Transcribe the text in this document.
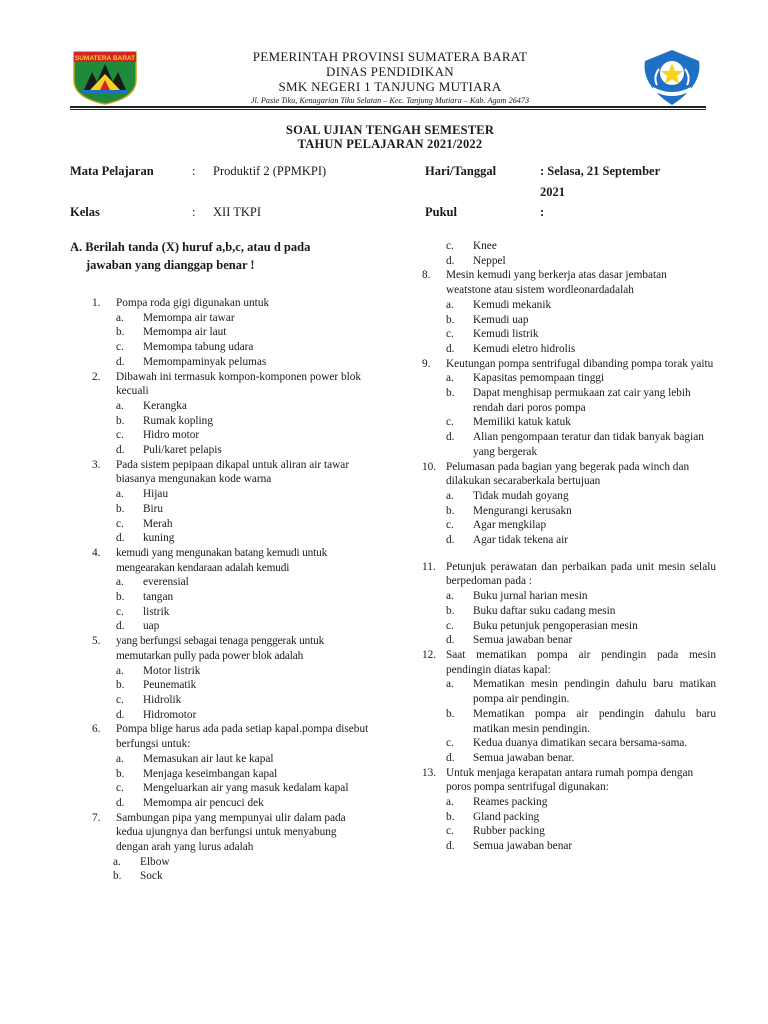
SUMATERA BARAT	PEMERINTAH PROVINSI SUMATERA BARAT
DINAS PENDIDIKAN
SMK NEGERI 1 TANJUNG MUTIARA
Jl. Pasie Tiku, Kenagarian Tiku Selatan – Kec. Tanjung Mutiara – Kab. Agam 26473
SOAL UJIAN TENGAH SEMESTER
TAHUN PELAJARAN 2021/2022
Mata Pelajaran	: Produktif 2 (PPMKPI)	Hari/Tanggal	: Selasa, 21 September
2021
Kelas	: XII TKPI	Pukul	:
A. Berilah tanda (X) huruf a,b,c, atau d pada
jawaban yang dianggap benar !
1. Pompa roda gigi digunakan untuk
a. Memompa air tawar
b. Memompa air laut
c. Memompa tabung udara
d. Memompaminyak pelumas
2. Dibawah ini termasuk kompon-komponen power blok kecuali
a. Kerangka
b. Rumak kopling
c. Hidro motor
d. Puli/karet pelapis
3. Pada sistem pepipaan dikapal untuk aliran air tawar biasanya mengunakan kode warna
a. Hijau
b. Biru
c. Merah
d. kuning
4. kemudi yang mengunakan batang kemudi untuk mengearakan kendaraan adalah kemudi
a. everensial
b. tangan
c. listrik
d. uap
5. yang berfungsi sebagai tenaga penggerak untuk memutarkan pully pada power blok adalah
a. Motor listrik
b. Peunematik
c. Hidrolik
d. Hidromotor
6. Pompa blige harus ada pada setiap kapal.pompa disebut berfungsi untuk:
a. Memasukan air laut ke kapal
b. Menjaga keseimbangan kapal
c. Mengeluarkan air yang masuk kedalam kapal
d. Memompa air pencuci dek
7. Sambungan pipa yang mempunyai ulir dalam pada kedua ujungnya dan berfungsi untuk menyabung dengan arah yang lurus adalah
a. Elbow
b. Sock
c. Knee
d. Neppel
8. Mesin kemudi yang berkerja atas dasar jembatan weatstone atau sistem wordleonardadalah
a. Kemudi mekanik
b. Kemudi uap
c. Kemudi listrik
d. Kemudi eletro hidrolis
9. Keutungan pompa sentrifugal dibanding pompa torak yaitu
a. Kapasitas pemompaan tinggi
b. Dapat menghisap permukaan zat cair yang lebih rendah dari poros pompa
c. Memiliki katuk katuk
d. Alian pengompaan teratur dan tidak banyak bagian yang bergerak
10. Pelumasan pada bagian yang begerak pada winch dan dilakukan secaraberkala bertujuan
a. Tidak mudah goyang
b. Mengurangi kerusakn
c. Agar mengkilap
d. Agar tidak tekena air
11. Petunjuk perawatan dan perbaikan pada unit mesin selalu berpedoman pada :
a. Buku jurnal harian mesin
b. Buku daftar suku cadang mesin
c. Buku petunjuk pengoperasian mesin
d. Semua jawaban benar
12. Saat mematikan pompa air pendingin pada mesin pendingin diatas kapal:
a. Mematikan mesin pendingin dahulu baru matikan pompa air pendingin.
b. Mematikan pompa air pendingin dahulu baru matikan mesin pendingin.
c. Kedua duanya dimatikan secara bersama-sama.
d. Semua jawaban benar.
13. Untuk menjaga kerapatan antara rumah pompa dengan poros pompa sentrifugal digunakan:
a. Reames packing
b. Gland packing
c. Rubber packing
d. Semua jawaban benar
